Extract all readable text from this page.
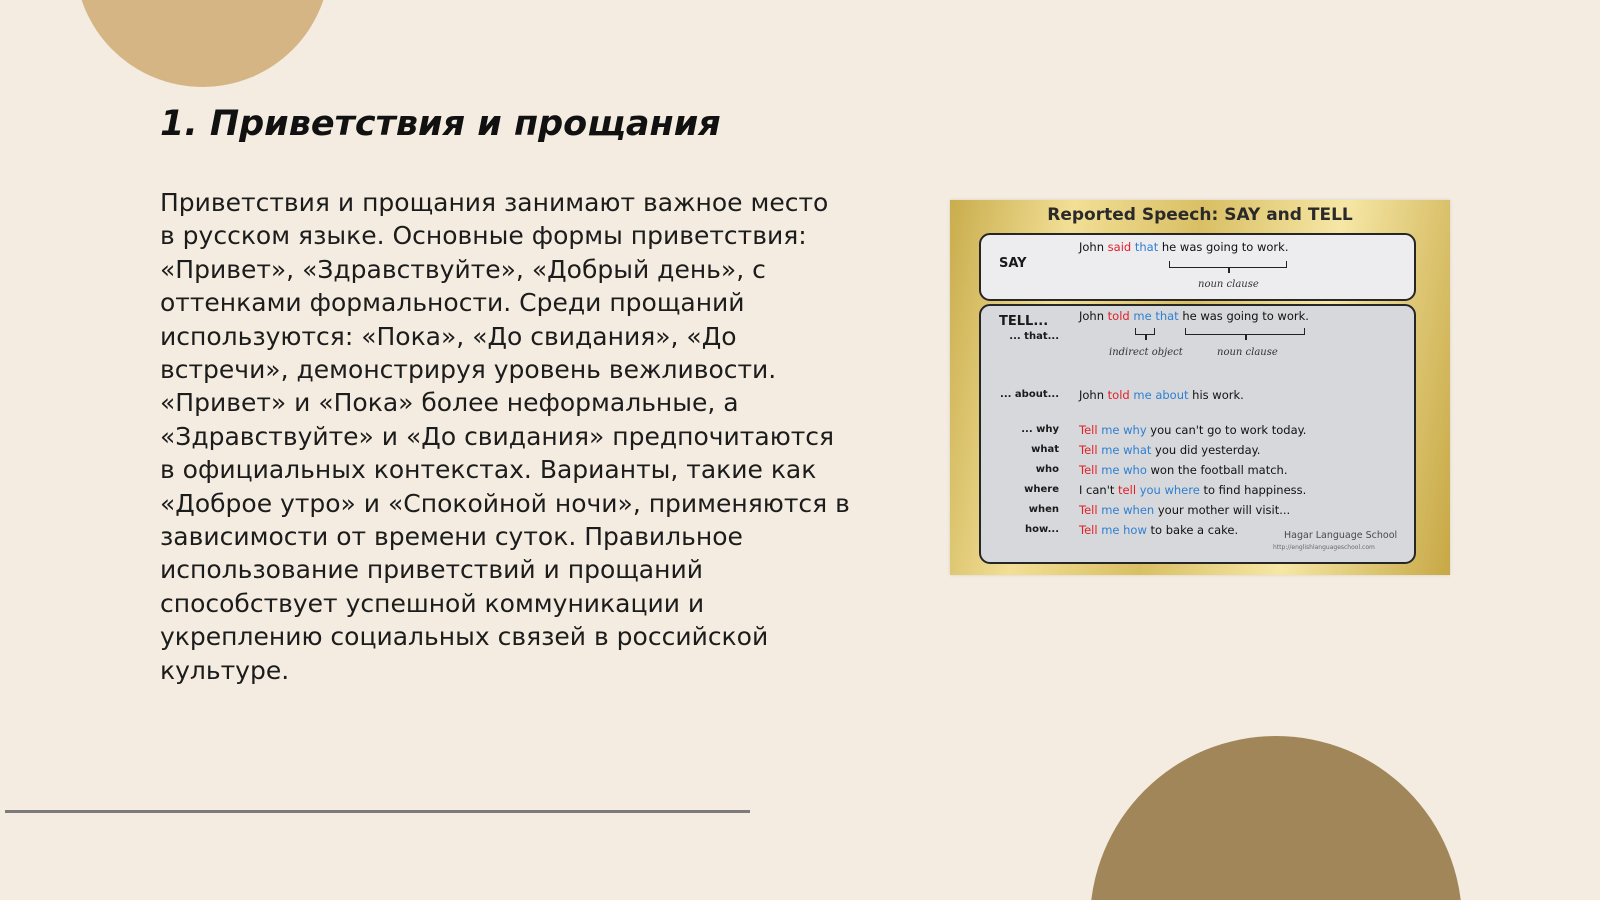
1. Приветствия и прощания

Приветствия и прощания занимают важное место в русском языке. Основные формы приветствия: «Привет», «Здравствуйте», «Добрый день», с оттенками формальности. Среди прощаний используются: «Пока», «До свидания», «До встречи», демонстрируя уровень вежливости. «Привет» и «Пока» более неформальные, а «Здравствуйте» и «До свидания» предпочитаются в официальных контекстах. Варианты, такие как «Доброе утро» и «Спокойной ночи», применяются в зависимости от времени суток. Правильное использование приветствий и прощаний способствует успешной коммуникации и укреплению социальных связей в российской культуре.

Reported Speech: SAY and TELL
SAY
John said that he was going to work.
noun clause
TELL...
... that...
John told me that he was going to work.
indirect object	noun clause
... about... John told me about his work.
... why Tell me why you can't go to work today.
what Tell me what you did yesterday.
who Tell me who won the football match.
where I can't tell you where to find happiness.
when Tell me when your mother will visit...
how... Tell me how to bake a cake.	Hagar Language School
http://englishlanguageschool.com
